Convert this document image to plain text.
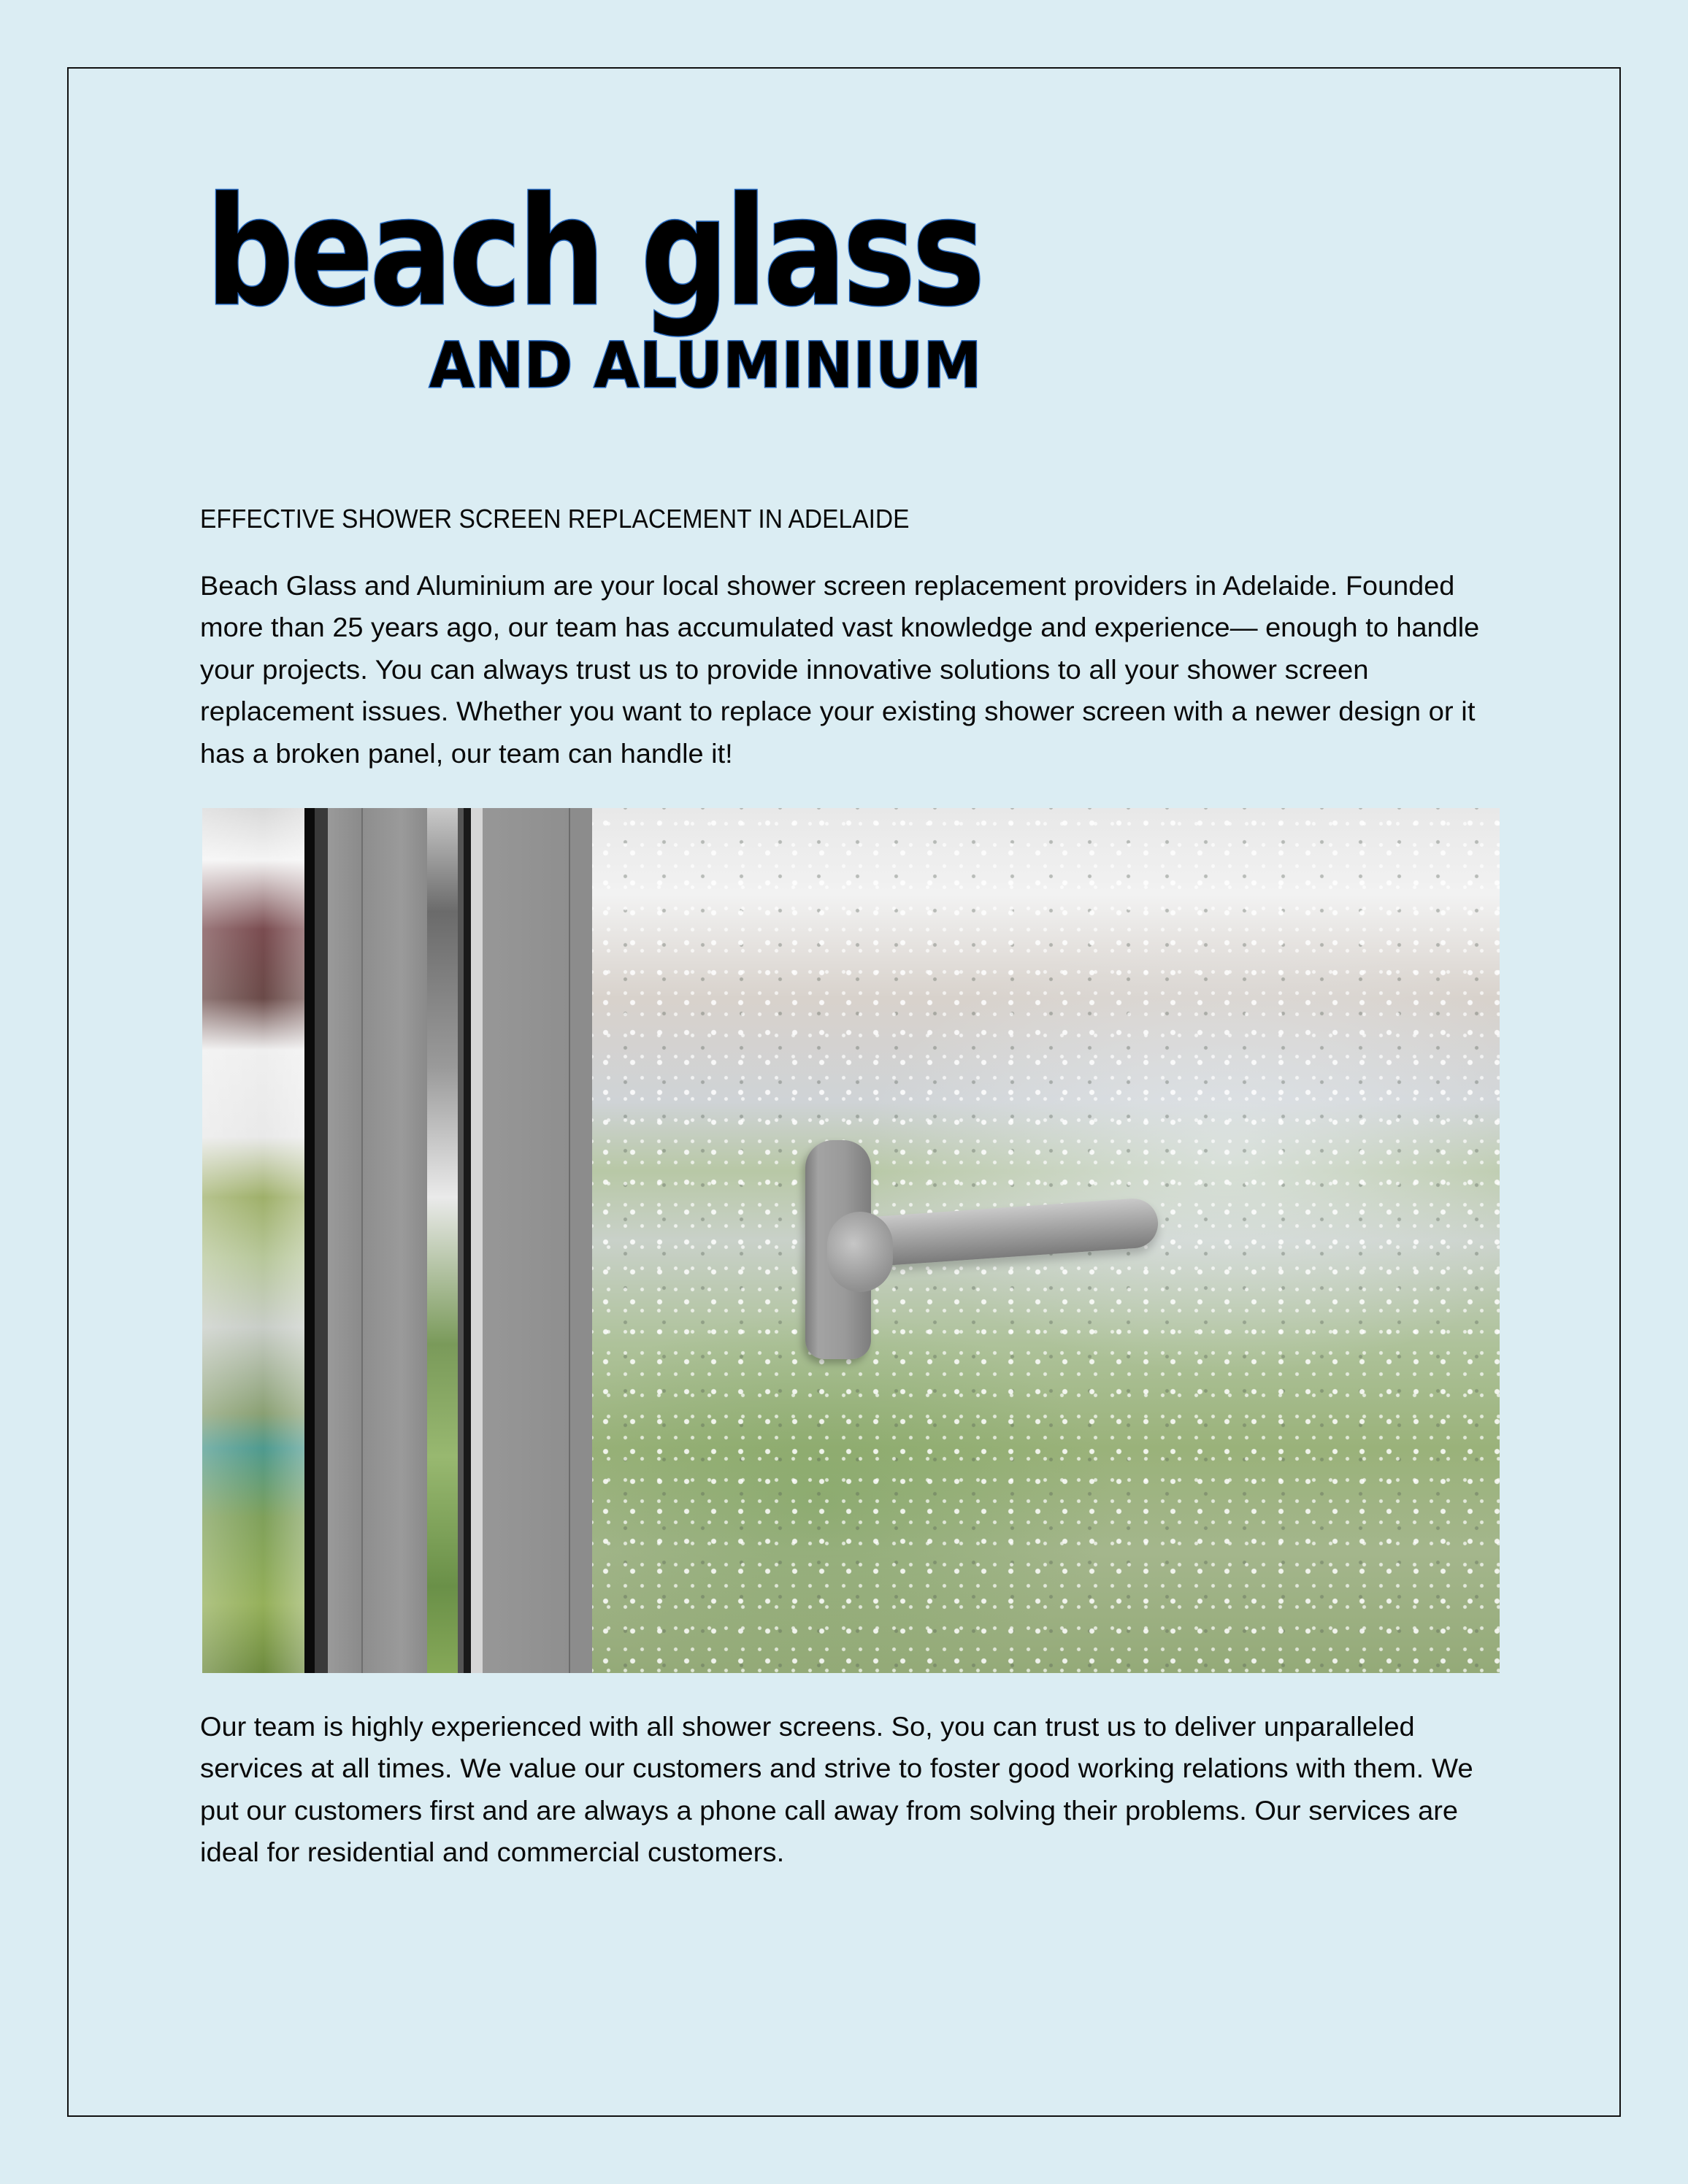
beach glass
AND ALUMINIUM
EFFECTIVE SHOWER SCREEN REPLACEMENT IN ADELAIDE
Beach Glass and Aluminium are your local shower screen replacement providers in Adelaide. Founded
more than 25 years ago, our team has accumulated vast knowledge and experience— enough to handle
your projects. You can always trust us to provide innovative solutions to all your shower screen
replacement issues. Whether you want to replace your existing shower screen with a newer design or it
has a broken panel, our team can handle it!
Our team is highly experienced with all shower screens. So, you can trust us to deliver unparalleled
services at all times. We value our customers and strive to foster good working relations with them. We
put our customers first and are always a phone call away from solving their problems. Our services are
ideal for residential and commercial customers.
